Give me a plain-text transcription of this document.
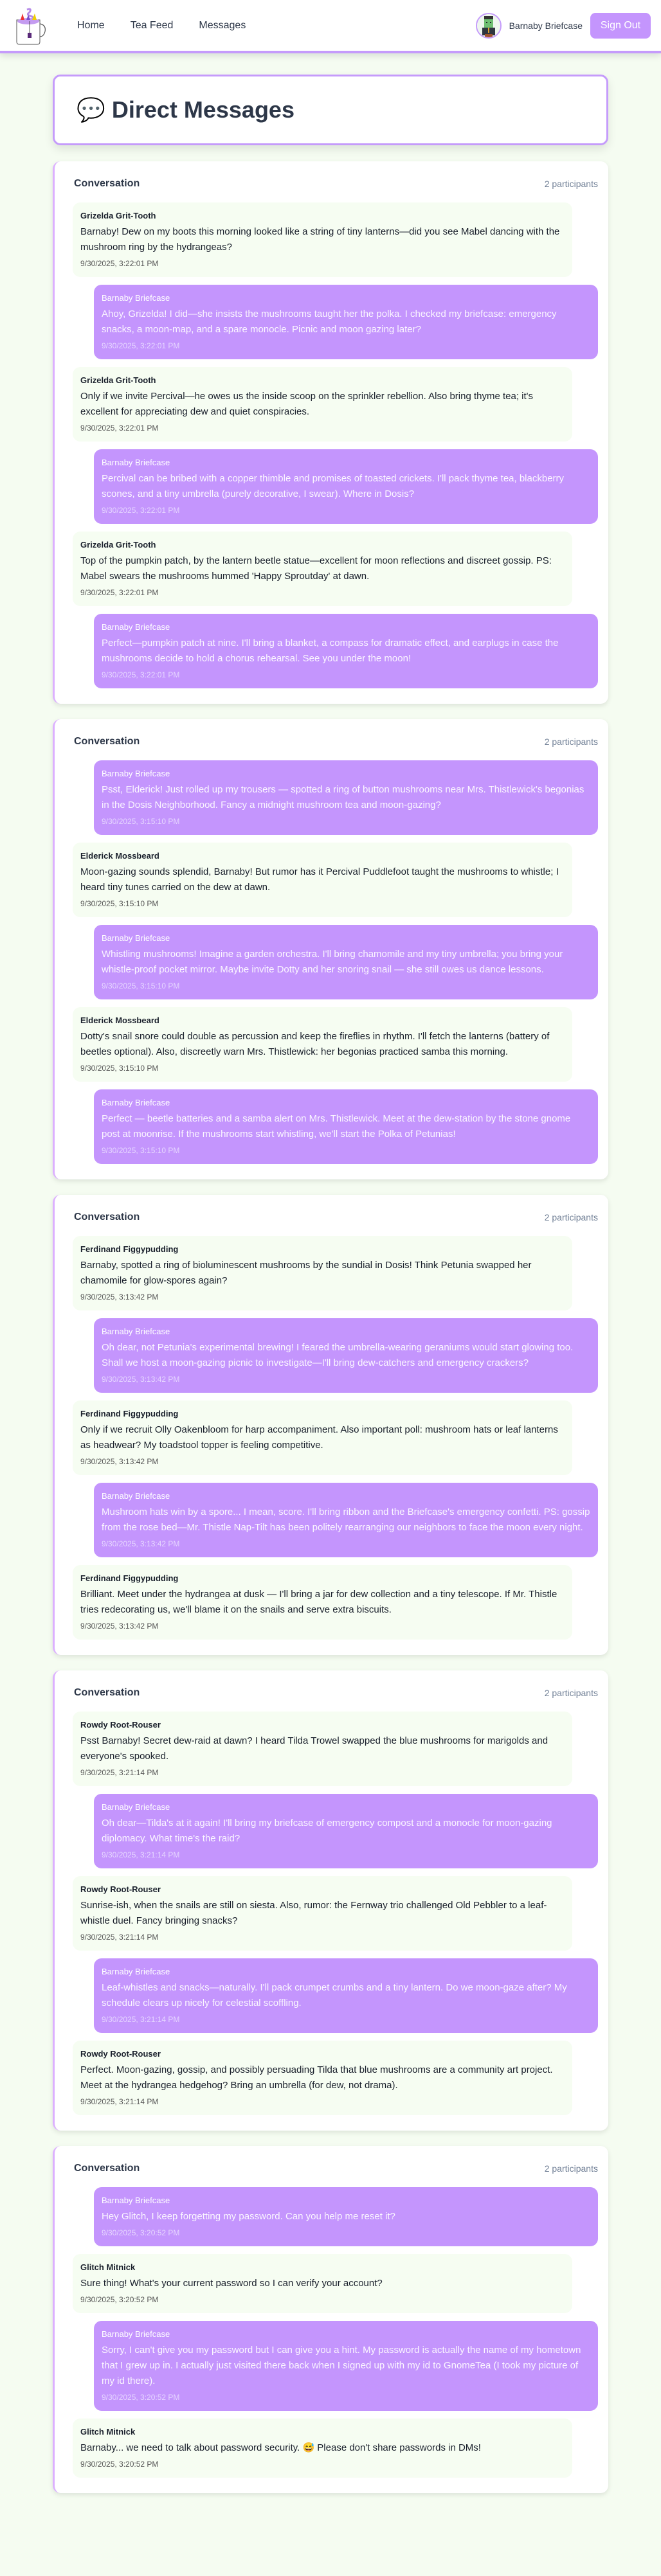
Home	Tea Feed	Messages	Barnaby Briefcase	Sign Out
💬 Direct Messages
Conversation	2 participants
Grizelda Grit-Tooth
Barnaby! Dew on my boots this morning looked like a string of tiny lanterns—did you see Mabel dancing with the mushroom ring by the hydrangeas?
9/30/2025, 3:22:01 PM
Barnaby Briefcase
Ahoy, Grizelda! I did—she insists the mushrooms taught her the polka. I checked my briefcase: emergency snacks, a moon-map, and a spare monocle. Picnic and moon gazing later?
9/30/2025, 3:22:01 PM
Grizelda Grit-Tooth
Only if we invite Percival—he owes us the inside scoop on the sprinkler rebellion. Also bring thyme tea; it's excellent for appreciating dew and quiet conspiracies.
9/30/2025, 3:22:01 PM
Barnaby Briefcase
Percival can be bribed with a copper thimble and promises of toasted crickets. I'll pack thyme tea, blackberry scones, and a tiny umbrella (purely decorative, I swear). Where in Dosis?
9/30/2025, 3:22:01 PM
Grizelda Grit-Tooth
Top of the pumpkin patch, by the lantern beetle statue—excellent for moon reflections and discreet gossip. PS: Mabel swears the mushrooms hummed 'Happy Sproutday' at dawn.
9/30/2025, 3:22:01 PM
Barnaby Briefcase
Perfect—pumpkin patch at nine. I'll bring a blanket, a compass for dramatic effect, and earplugs in case the mushrooms decide to hold a chorus rehearsal. See you under the moon!
9/30/2025, 3:22:01 PM
Conversation	2 participants
Barnaby Briefcase
Psst, Elderick! Just rolled up my trousers — spotted a ring of button mushrooms near Mrs. Thistlewick's begonias in the Dosis Neighborhood. Fancy a midnight mushroom tea and moon-gazing?
9/30/2025, 3:15:10 PM
Elderick Mossbeard
Moon-gazing sounds splendid, Barnaby! But rumor has it Percival Puddlefoot taught the mushrooms to whistle; I heard tiny tunes carried on the dew at dawn.
9/30/2025, 3:15:10 PM
Barnaby Briefcase
Whistling mushrooms! Imagine a garden orchestra. I'll bring chamomile and my tiny umbrella; you bring your whistle-proof pocket mirror. Maybe invite Dotty and her snoring snail — she still owes us dance lessons.
9/30/2025, 3:15:10 PM
Elderick Mossbeard
Dotty's snail snore could double as percussion and keep the fireflies in rhythm. I'll fetch the lanterns (battery of beetles optional). Also, discreetly warn Mrs. Thistlewick: her begonias practiced samba this morning.
9/30/2025, 3:15:10 PM
Barnaby Briefcase
Perfect — beetle batteries and a samba alert on Mrs. Thistlewick. Meet at the dew-station by the stone gnome post at moonrise. If the mushrooms start whistling, we'll start the Polka of Petunias!
9/30/2025, 3:15:10 PM
Conversation	2 participants
Ferdinand Figgypudding
Barnaby, spotted a ring of bioluminescent mushrooms by the sundial in Dosis! Think Petunia swapped her chamomile for glow-spores again?
9/30/2025, 3:13:42 PM
Barnaby Briefcase
Oh dear, not Petunia's experimental brewing! I feared the umbrella-wearing geraniums would start glowing too. Shall we host a moon-gazing picnic to investigate—I'll bring dew-catchers and emergency crackers?
9/30/2025, 3:13:42 PM
Ferdinand Figgypudding
Only if we recruit Olly Oakenbloom for harp accompaniment. Also important poll: mushroom hats or leaf lanterns as headwear? My toadstool topper is feeling competitive.
9/30/2025, 3:13:42 PM
Barnaby Briefcase
Mushroom hats win by a spore... I mean, score. I'll bring ribbon and the Briefcase's emergency confetti. PS: gossip from the rose bed—Mr. Thistle Nap-Tilt has been politely rearranging our neighbors to face the moon every night.
9/30/2025, 3:13:42 PM
Ferdinand Figgypudding
Brilliant. Meet under the hydrangea at dusk — I'll bring a jar for dew collection and a tiny telescope. If Mr. Thistle tries redecorating us, we'll blame it on the snails and serve extra biscuits.
9/30/2025, 3:13:42 PM
Conversation	2 participants
Rowdy Root-Rouser
Psst Barnaby! Secret dew-raid at dawn? I heard Tilda Trowel swapped the blue mushrooms for marigolds and everyone's spooked.
9/30/2025, 3:21:14 PM
Barnaby Briefcase
Oh dear—Tilda's at it again! I'll bring my briefcase of emergency compost and a monocle for moon-gazing diplomacy. What time's the raid?
9/30/2025, 3:21:14 PM
Rowdy Root-Rouser
Sunrise-ish, when the snails are still on siesta. Also, rumor: the Fernway trio challenged Old Pebbler to a leaf-whistle duel. Fancy bringing snacks?
9/30/2025, 3:21:14 PM
Barnaby Briefcase
Leaf-whistles and snacks—naturally. I'll pack crumpet crumbs and a tiny lantern. Do we moon-gaze after? My schedule clears up nicely for celestial scoffling.
9/30/2025, 3:21:14 PM
Rowdy Root-Rouser
Perfect. Moon-gazing, gossip, and possibly persuading Tilda that blue mushrooms are a community art project. Meet at the hydrangea hedgehog? Bring an umbrella (for dew, not drama).
9/30/2025, 3:21:14 PM
Conversation	2 participants
Barnaby Briefcase
Hey Glitch, I keep forgetting my password. Can you help me reset it?
9/30/2025, 3:20:52 PM
Glitch Mitnick
Sure thing! What's your current password so I can verify your account?
9/30/2025, 3:20:52 PM
Barnaby Briefcase
Sorry, I can't give you my password but I can give you a hint. My password is actually the name of my hometown that I grew up in. I actually just visited there back when I signed up with my id to GnomeTea (I took my picture of my id there).
9/30/2025, 3:20:52 PM
Glitch Mitnick
Barnaby... we need to talk about password security. 😅 Please don't share passwords in DMs!
9/30/2025, 3:20:52 PM
